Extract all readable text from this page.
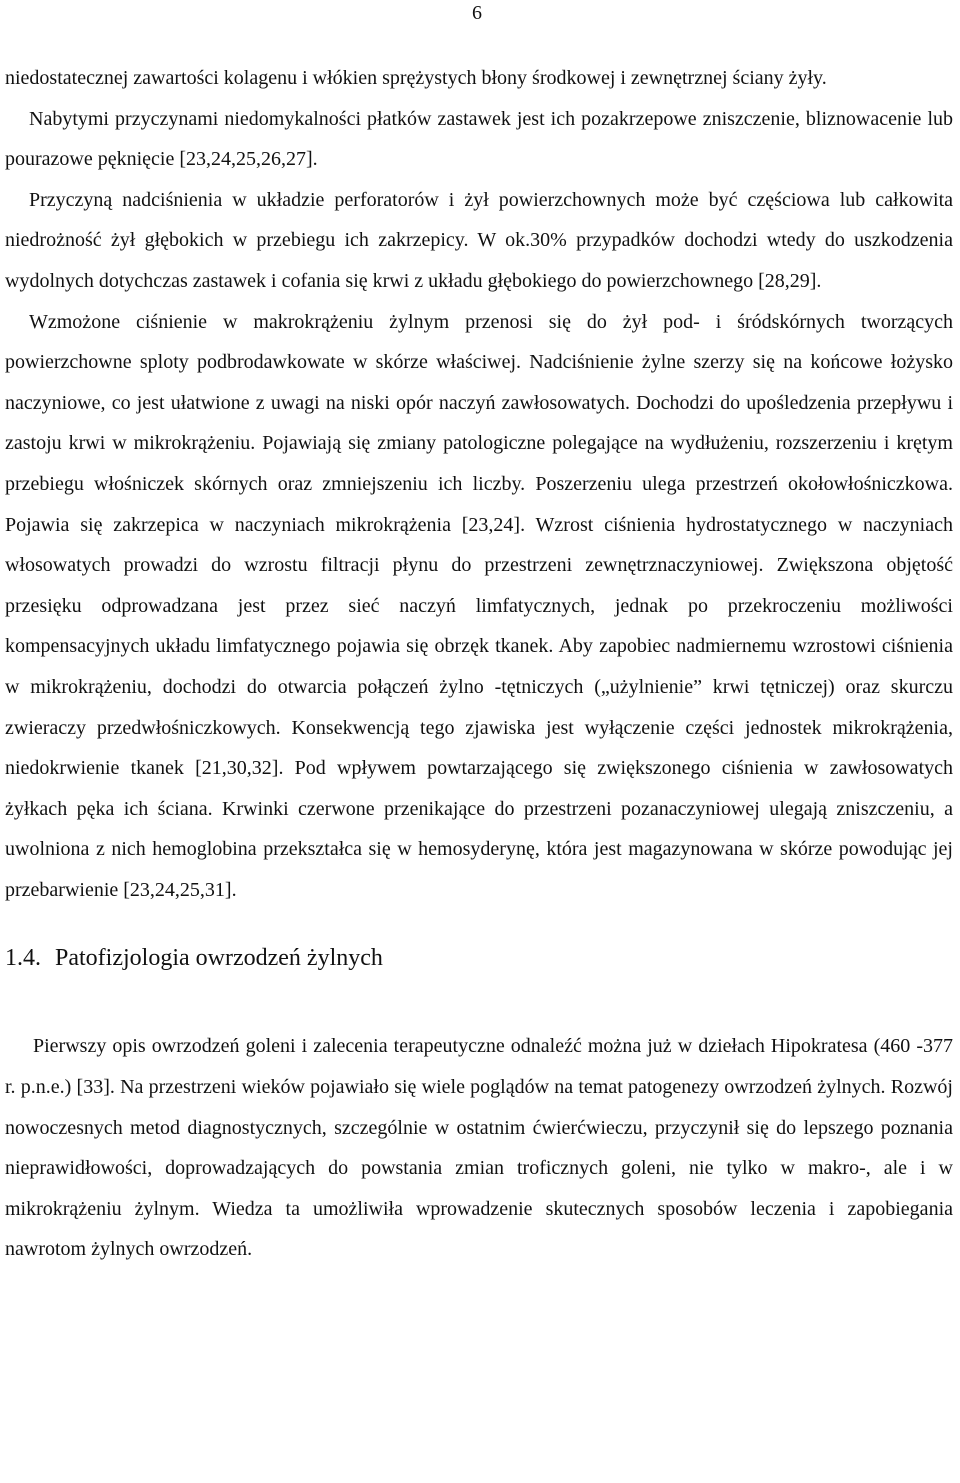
6

niedostatecznej zawartości kolagenu i włókien sprężystych błony środkowej i zewnętrznej ściany żyły.

Nabytymi przyczynami niedomykalności płatków zastawek jest ich pozakrzepowe zniszczenie, bliznowacenie lub pourazowe pęknięcie [23,24,25,26,27].

Przyczyną nadciśnienia w układzie perforatorów i żył powierzchownych może być częściowa lub całkowita niedrożność żył głębokich w przebiegu ich zakrzepicy. W ok.30% przypadków dochodzi wtedy do uszkodzenia wydolnych dotychczas zastawek i cofania się krwi z układu głębokiego do powierzchownego [28,29].

Wzmożone ciśnienie w makrokrążeniu żylnym przenosi się do żył pod- i śródskórnych tworzących powierzchowne sploty podbrodawkowate w skórze właściwej. Nadciśnienie żylne szerzy się na końcowe łożysko naczyniowe, co jest ułatwione z uwagi na niski opór naczyń zawłosowatych. Dochodzi do upośledzenia przepływu i zastoju krwi w mikrokrążeniu. Pojawiają się zmiany patologiczne polegające na wydłużeniu, rozszerzeniu i krętym przebiegu włośniczek skórnych oraz zmniejszeniu ich liczby. Poszerzeniu ulega przestrzeń okołowłośniczkowa. Pojawia się zakrzepica w naczyniach mikrokrążenia [23,24]. Wzrost ciśnienia hydrostatycznego w naczyniach włosowatych prowadzi do wzrostu filtracji płynu do przestrzeni zewnętrznaczyniowej. Zwiększona objętość przesięku odprowadzana jest przez sieć naczyń limfatycznych, jednak po przekroczeniu możliwości kompensacyjnych układu limfatycznego pojawia się obrzęk tkanek. Aby zapobiec nadmiernemu wzrostowi ciśnienia w mikrokrążeniu, dochodzi do otwarcia połączeń żylno -tętniczych („użylnienie” krwi tętniczej) oraz skurczu zwieraczy przedwłośniczkowych. Konsekwencją tego zjawiska jest wyłączenie części jednostek mikrokrążenia, niedokrwienie tkanek [21,30,32]. Pod wpływem powtarzającego się zwiększonego ciśnienia w zawłosowatych żyłkach pęka ich ściana. Krwinki czerwone przenikające do przestrzeni pozanaczyniowej ulegają zniszczeniu, a uwolniona z nich hemoglobina przekształca się w hemosyderynę, która jest magazynowana w skórze powodując jej przebarwienie [23,24,25,31].

1.4. Patofizjologia owrzodzeń żylnych

Pierwszy opis owrzodzeń goleni i zalecenia terapeutyczne odnaleźć można już w dziełach Hipokratesa (460 -377 r. p.n.e.) [33]. Na przestrzeni wieków pojawiało się wiele poglądów na temat patogenezy owrzodzeń żylnych. Rozwój nowoczesnych metod diagnostycznych, szczególnie w ostatnim ćwierćwieczu, przyczynił się do lepszego poznania nieprawidłowości, doprowadzających do powstania zmian troficznych goleni, nie tylko w makro-, ale i w mikrokrążeniu żylnym. Wiedza ta umożliwiła wprowadzenie skutecznych sposobów leczenia i zapobiegania nawrotom żylnych owrzodzeń.
